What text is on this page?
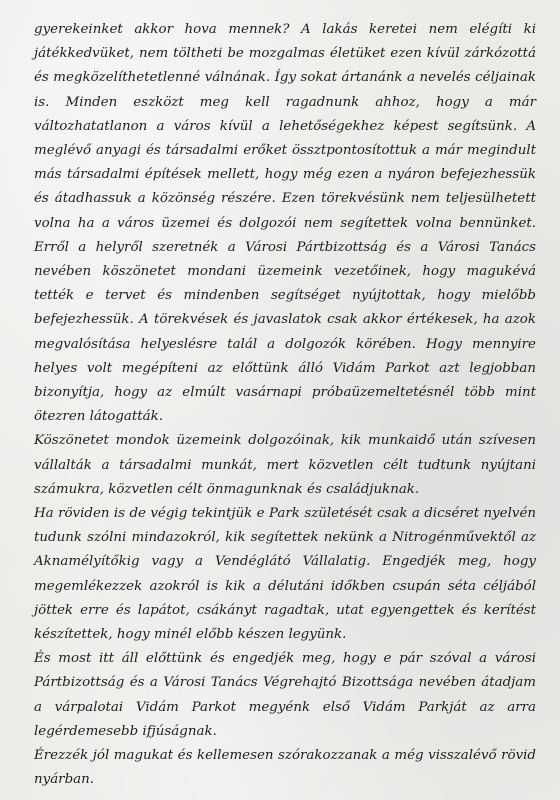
gyerekeinket akkor hova mennek? A lakás keretei nem elégíti ki játékkedvüket, nem töltheti be mozgalmas életüket ezen kívül zárkózottá és megközelíthetetlenné válnának. Így sokat ártanánk a nevelés céljainak is. Minden eszközt meg kell ragadnunk ahhoz, hogy a már változhatatlanon a város kívül a lehetőségekhez képest segítsünk. A meglévő anyagi és társadalmi erőket össztpontosítottuk a már megindult más társadalmi építések mellett, hogy még ezen a nyáron befejezhessük és átadhassuk a közönség részére. Ezen törekvésünk nem teljesülhetett volna ha a város üzemei és dolgozói nem segítettek volna bennünket. Erről a helyről szeretnék a Városi Pártbizottság és a Városi Tanács nevében köszönetet mondani üzemeink vezetőinek, hogy magukévá tették e tervet és mindenben segítséget nyújtottak, hogy mielőbb befejezhessük. A törekvések és javaslatok csak akkor értékesek, ha azok megvalósítása helyeslésre talál a dolgozók körében. Hogy mennyire helyes volt megépíteni az előttünk álló Vidám Parkot azt legjobban bizonyítja, hogy az elmúlt vasárnapi próbaüzemeltetésnél több mint ötezren látogatták.

Köszönetet mondok üzemeink dolgozóinak, kik munkaidő után szívesen vállalták a társadalmi munkát, mert közvetlen célt tudtunk nyújtani számukra, közvetlen célt önmagunknak és családjuknak.

Ha röviden is de végig tekintjük e Park születését csak a dicséret nyelvén tudunk szólni mindazokról, kik segítettek nekünk a Nitrogénművektől az Aknamélyítőkig vagy a Vendéglátó Vállalatig. Engedjék meg, hogy megemlékezzek azokról is kik a délutáni időkben csupán séta céljából jöttek erre és lapátot, csákányt ragadtak, utat egyengettek és kerítést készítettek, hogy minél előbb készen legyünk.

És most itt áll előttünk és engedjék meg, hogy e pár szóval a városi Pártbizottság és a Városi Tanács Végrehajtó Bizottsága nevében átadjam a várpalotai Vidám Parkot megyénk első Vidám Parkját az arra legérdemesebb ifjúságnak.

Érezzék jól magukat és kellemesen szórakozzanak a még visszalévő rövid nyárban.
